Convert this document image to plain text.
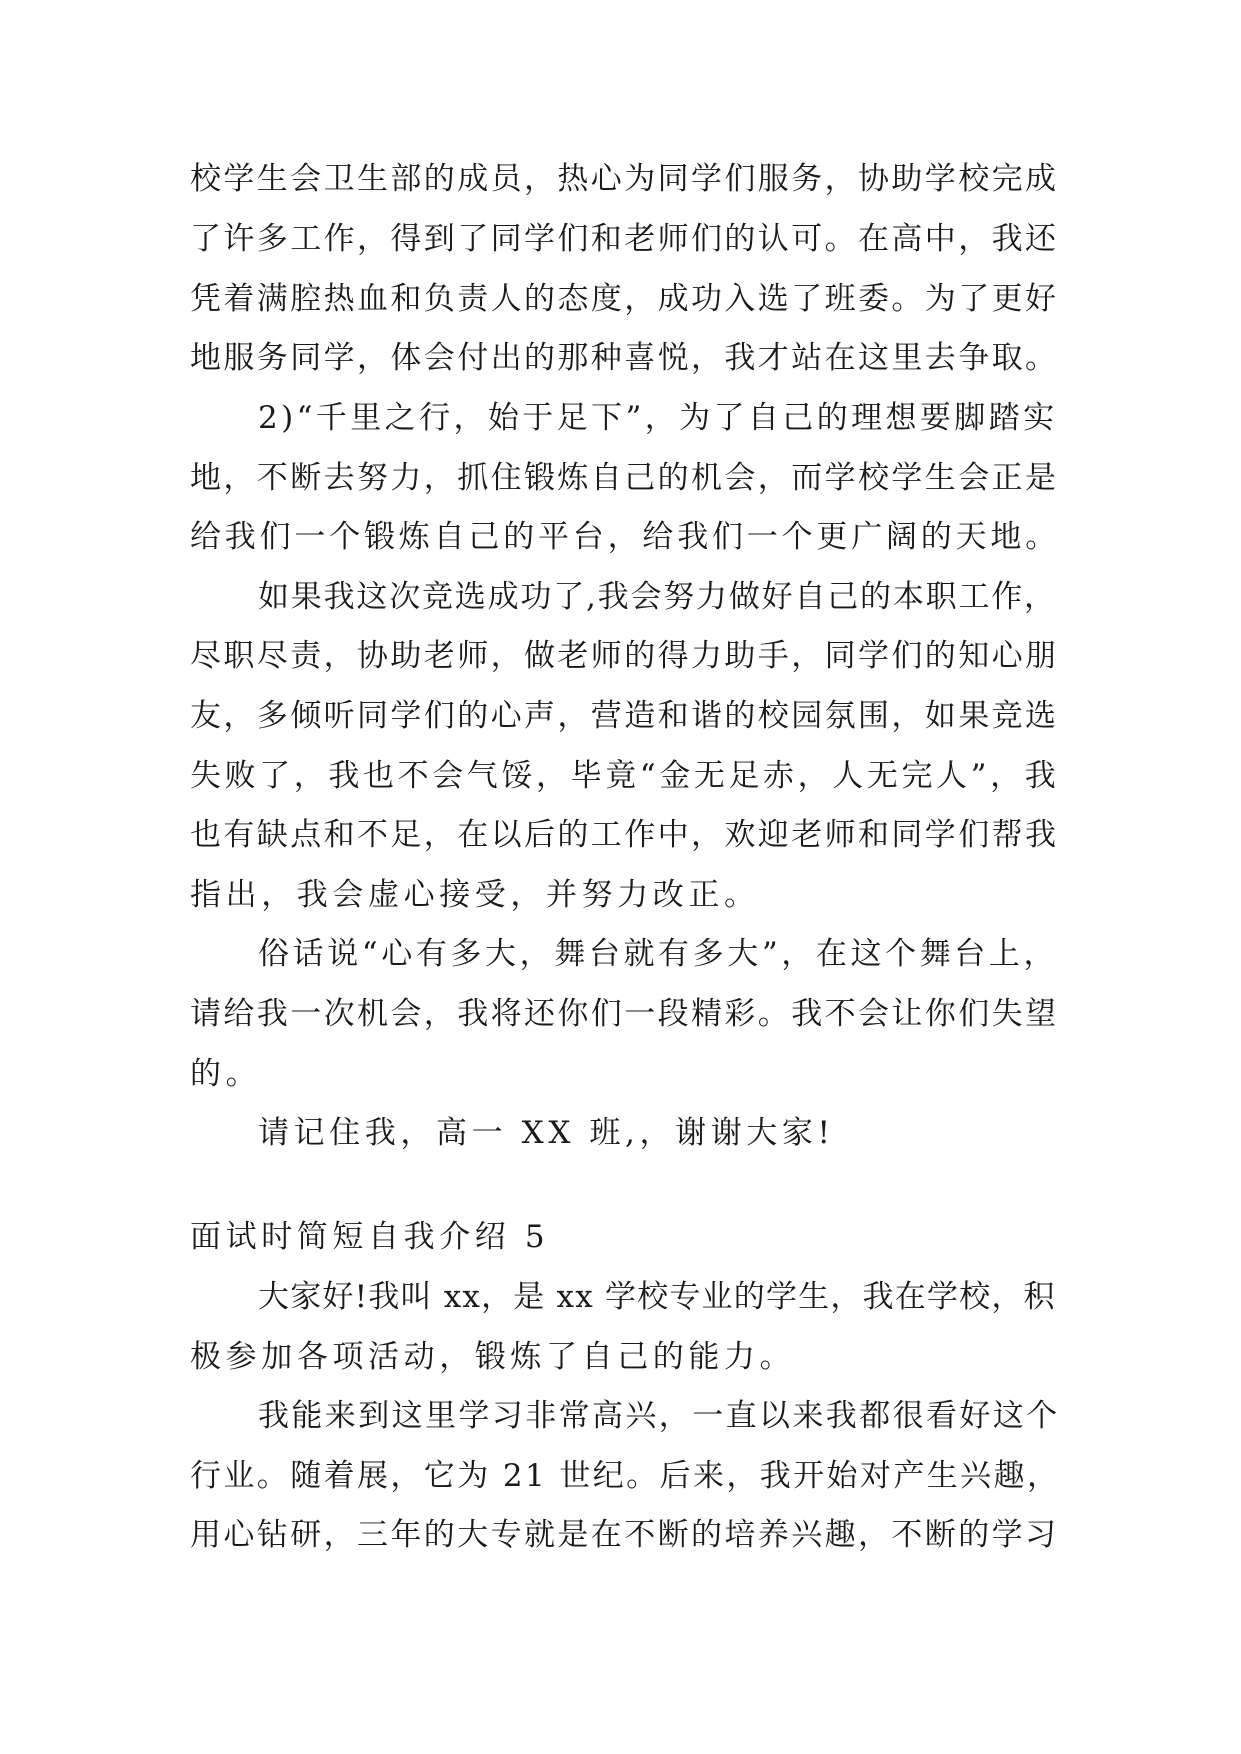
校学生会卫生部的成员，热心为同学们服务，协助学校完成
了许多工作，得到了同学们和老师们的认可。在高中，我还
凭着满腔热血和负责人的态度，成功入选了班委。为了更好
地服务同学，体会付出的那种喜悦，我才站在这里去争取。
2)“千里之行，始于足下”，为了自己的理想要脚踏实
地，不断去努力，抓住锻炼自己的机会，而学校学生会正是
给我们一个锻炼自己的平台，给我们一个更广阔的天地。
如果我这次竞选成功了,我会努力做好自己的本职工作，
尽职尽责，协助老师，做老师的得力助手，同学们的知心朋
友，多倾听同学们的心声，营造和谐的校园氛围，如果竞选
失败了，我也不会气馁，毕竟“金无足赤，人无完人”，我
也有缺点和不足，在以后的工作中，欢迎老师和同学们帮我
指出，我会虚心接受，并努力改正。
俗话说“心有多大，舞台就有多大”，在这个舞台上，
请给我一次机会，我将还你们一段精彩。我不会让你们失望
的。
请记住我，高一 XX 班,，谢谢大家!
面试时简短自我介绍 5
大家好!我叫 xx，是 xx 学校专业的学生，我在学校，积
极参加各项活动，锻炼了自己的能力。
我能来到这里学习非常高兴，一直以来我都很看好这个
行业。随着展，它为 21 世纪。后来，我开始对产生兴趣，
用心钻研，三年的大专就是在不断的培养兴趣，不断的学习
